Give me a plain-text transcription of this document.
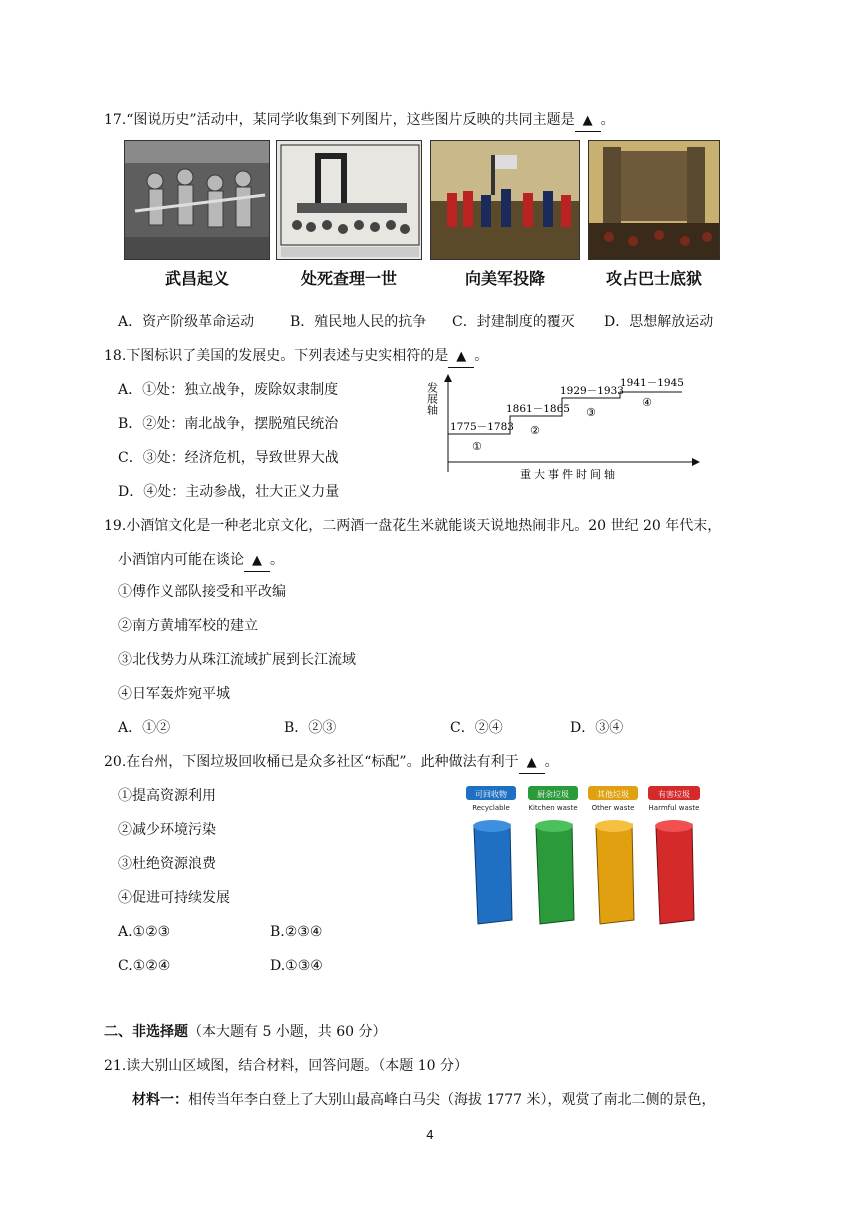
17.“图说历史”活动中，某同学收集到下列图片，这些图片反映的共同主题是 ▲ 。
武昌起义	处死查理一世	向美军投降	攻占巴士底狱
A．资产阶级革命运动	B．殖民地人民的抗争 C．封建制度的覆灭 D．思想解放运动
18.下图标识了美国的发展史。下列表述与史实相符的是 ▲ 。
A．①处：独立战争，废除奴隶制度
B．②处：南北战争，摆脱殖民统治
C．③处：经济危机，导致世界大战
D．④处：主动参战，壮大正义力量
发展轴
重大事件时间轴
1775－1783
1861－1865
1929－1933
1941－1945
①
②
③
④
19.小酒馆文化是一种老北京文化，二两酒一盘花生米就能谈天说地热闹非凡。20 世纪 20 年代末，
小酒馆内可能在谈论 ▲ 。
①傅作义部队接受和平改编
②南方黄埔军校的建立
③北伐势力从珠江流域扩展到长江流域
④日军轰炸宛平城
A．①②	B．②③	C．②④	D．③④
20.在台州，下图垃圾回收桶已是众多社区“标配”。此种做法有利于 ▲ 。
①提高资源利用
②减少环境污染
③杜绝资源浪费
④促进可持续发展
A.①②③	B.②③④
C.①②④	D.①③④
可回收物
Recyclable
厨余垃圾
Kitchen waste
其他垃圾
Other waste
有害垃圾
Harmful waste
二、非选择题（本大题有 5 小题，共 60 分）
21.读大别山区域图，结合材料，回答问题。（本题 10 分）
材料一：相传当年李白登上了大别山最高峰白马尖（海拔 1777 米），观赏了南北二侧的景色，
4
